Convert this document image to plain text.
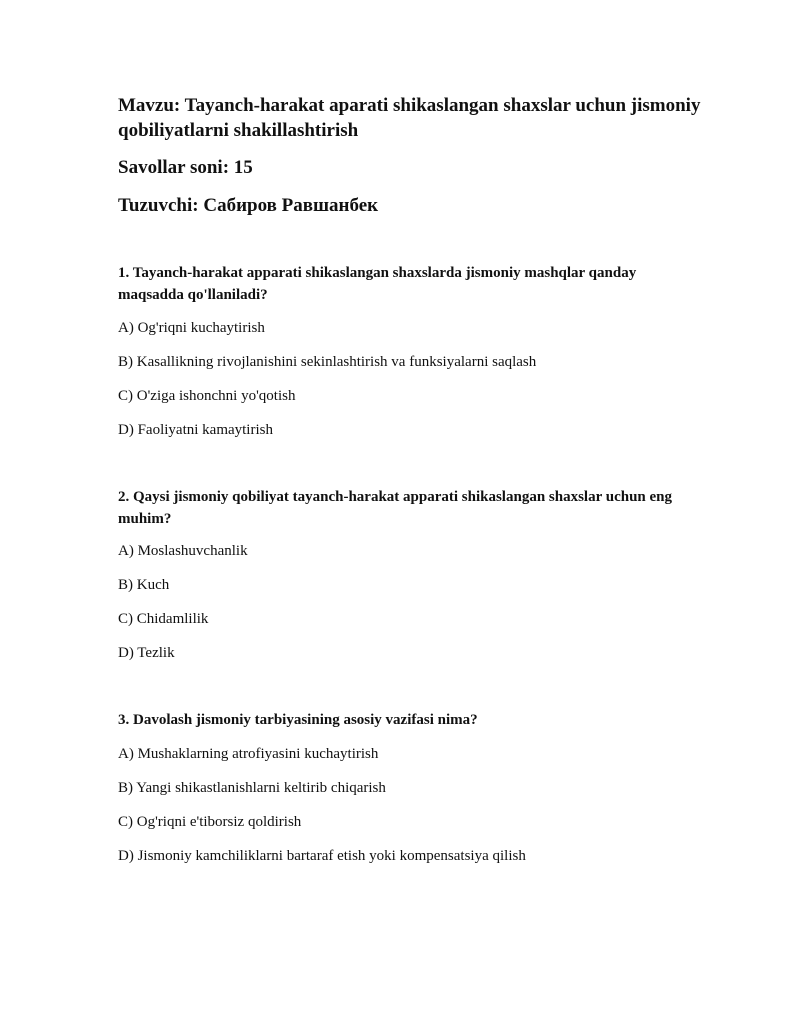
Mavzu: Tayanch-harakat aparati shikaslangan shaxslar uchun jismoniy qobiliyatlarni shakillashtirish

Savollar soni: 15

Tuzuvchi: Сабиров Равшанбек

1. Tayanch-harakat apparati shikaslangan shaxslarda jismoniy mashqlar qanday maqsadda qo'llaniladi?

A) Og'riqni kuchaytirish

B) Kasallikning rivojlanishini sekinlashtirish va funksiyalarni saqlash

C) O'ziga ishonchni yo'qotish

D) Faoliyatni kamaytirish

2. Qaysi jismoniy qobiliyat tayanch-harakat apparati shikaslangan shaxslar uchun eng muhim?

A) Moslashuvchanlik

B) Kuch

C) Chidamlilik

D) Tezlik

3. Davolash jismoniy tarbiyasining asosiy vazifasi nima?

A) Mushaklarning atrofiyasini kuchaytirish

B) Yangi shikastlanishlarni keltirib chiqarish

C) Og'riqni e'tiborsiz qoldirish

D) Jismoniy kamchiliklarni bartaraf etish yoki kompensatsiya qilish
